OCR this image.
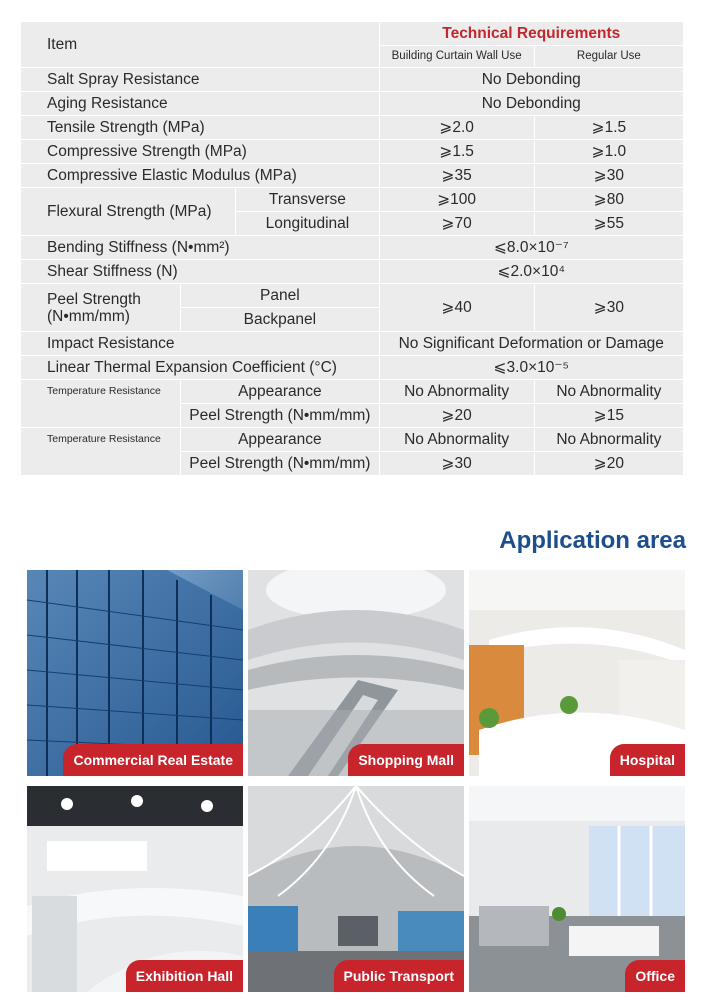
Item			Technical Requirements	
			Building Curtain Wall Use	Regular Use
Salt Spray Resistance			No Debonding	
Aging Resistance			No Debonding	
Tensile Strength (MPa)			⩾2.0	⩾1.5
Compressive Strength (MPa)			⩾1.5	⩾1.0
Compressive Elastic Modulus (MPa)			⩾35	⩾30
Flexural Strength (MPa)		Transverse	⩾100	⩾80
		Longitudinal	⩾70	⩾55
Bending Stiffness (N•mm²)			⩽8.0×10⁻⁷	
Shear Stiffness (N)			⩽2.0×10⁴	
Peel Strength
(N•mm/mm)	Panel		⩾40	⩾30
	Backpanel			
Impact Resistance			No Significant Deformation or Damage	
Linear Thermal Expansion Coefficient (°C)			⩽3.0×10⁻⁵	
Temperature Resistance	Appearance		No Abnormality	No Abnormality
	Peel Strength (N•mm/mm)		⩾20	⩾15
Temperature Resistance	Appearance		No Abnormality	No Abnormality
	Peel Strength (N•mm/mm)		⩾30	⩾20
Application area
Commercial Real Estate	Shopping Mall	Hospital
Exhibition Hall	Public Transport	Office
